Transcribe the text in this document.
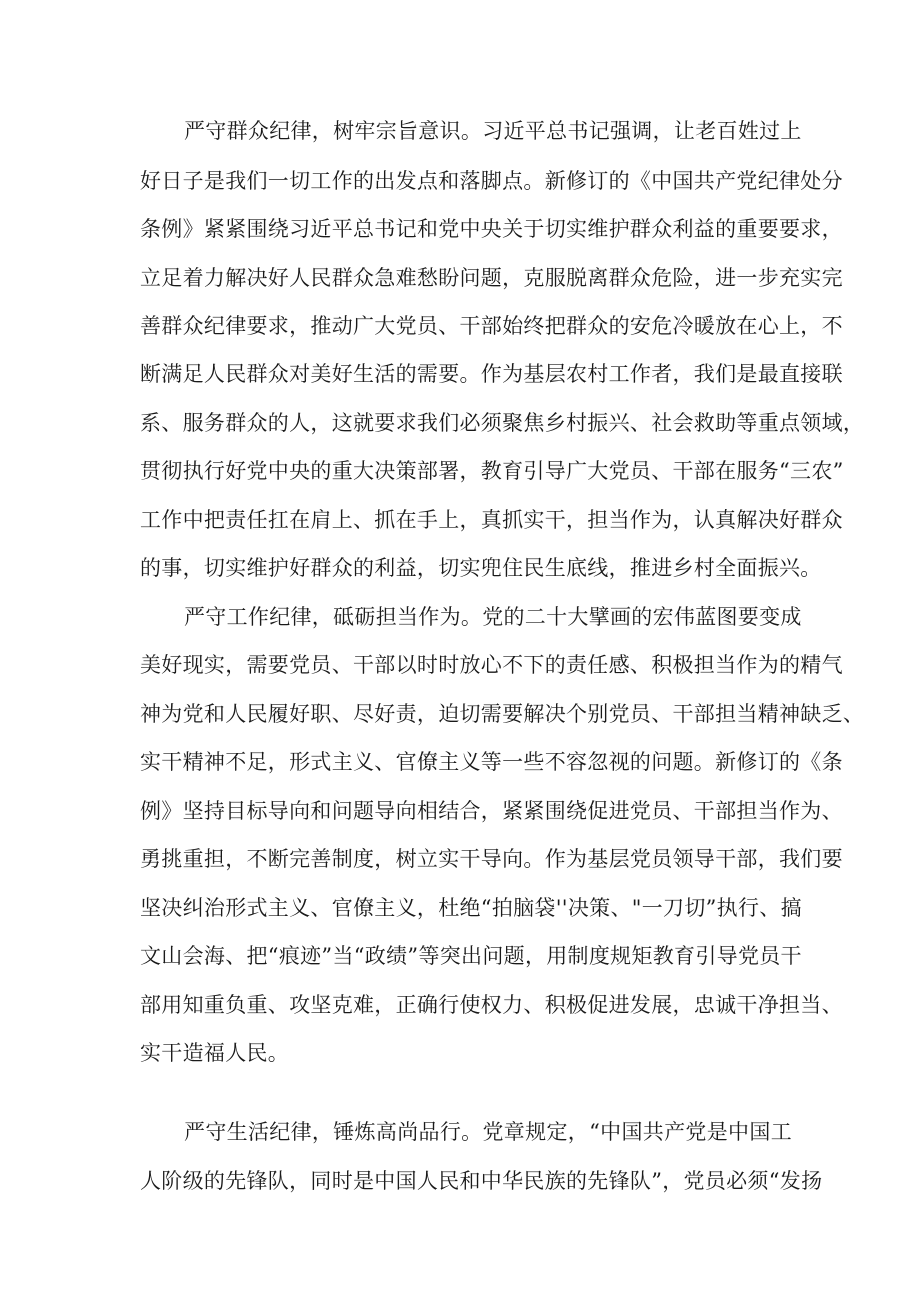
严守群众纪律，树牢宗旨意识。习近平总书记强调，让老百姓过上
好日子是我们一切工作的出发点和落脚点。新修订的《中国共产党纪律处分
条例》紧紧围绕习近平总书记和党中央关于切实维护群众利益的重要要求，
立足着力解决好人民群众急难愁盼问题，克服脱离群众危险，进一步充实完
善群众纪律要求，推动广大党员、干部始终把群众的安危冷暖放在心上，不
断满足人民群众对美好生活的需要。作为基层农村工作者，我们是最直接联
系、服务群众的人，这就要求我们必须聚焦乡村振兴、社会救助等重点领域，
贯彻执行好党中央的重大决策部署，教育引导广大党员、干部在服务“三农”
工作中把责任扛在肩上、抓在手上，真抓实干，担当作为，认真解决好群众
的事，切实维护好群众的利益，切实兜住民生底线，推进乡村全面振兴。
严守工作纪律，砥砺担当作为。党的二十大擘画的宏伟蓝图要变成
美好现实，需要党员、干部以时时放心不下的责任感、积极担当作为的精气
神为党和人民履好职、尽好责，迫切需要解决个别党员、干部担当精神缺乏、
实干精神不足，形式主义、官僚主义等一些不容忽视的问题。新修订的《条
例》坚持目标导向和问题导向相结合，紧紧围绕促进党员、干部担当作为、
勇挑重担，不断完善制度，树立实干导向。作为基层党员领导干部，我们要
坚决纠治形式主义、官僚主义，杜绝“拍脑袋''决策、"一刀切”执行、搞
文山会海、把“痕迹”当“政绩”等突出问题，用制度规矩教育引导党员干
部用知重负重、攻坚克难，正确行使权力、积极促进发展，忠诚干净担当、
实干造福人民。
严守生活纪律，锤炼高尚品行。党章规定，“中国共产党是中国工
人阶级的先锋队，同时是中国人民和中华民族的先锋队”，党员必须“发扬
